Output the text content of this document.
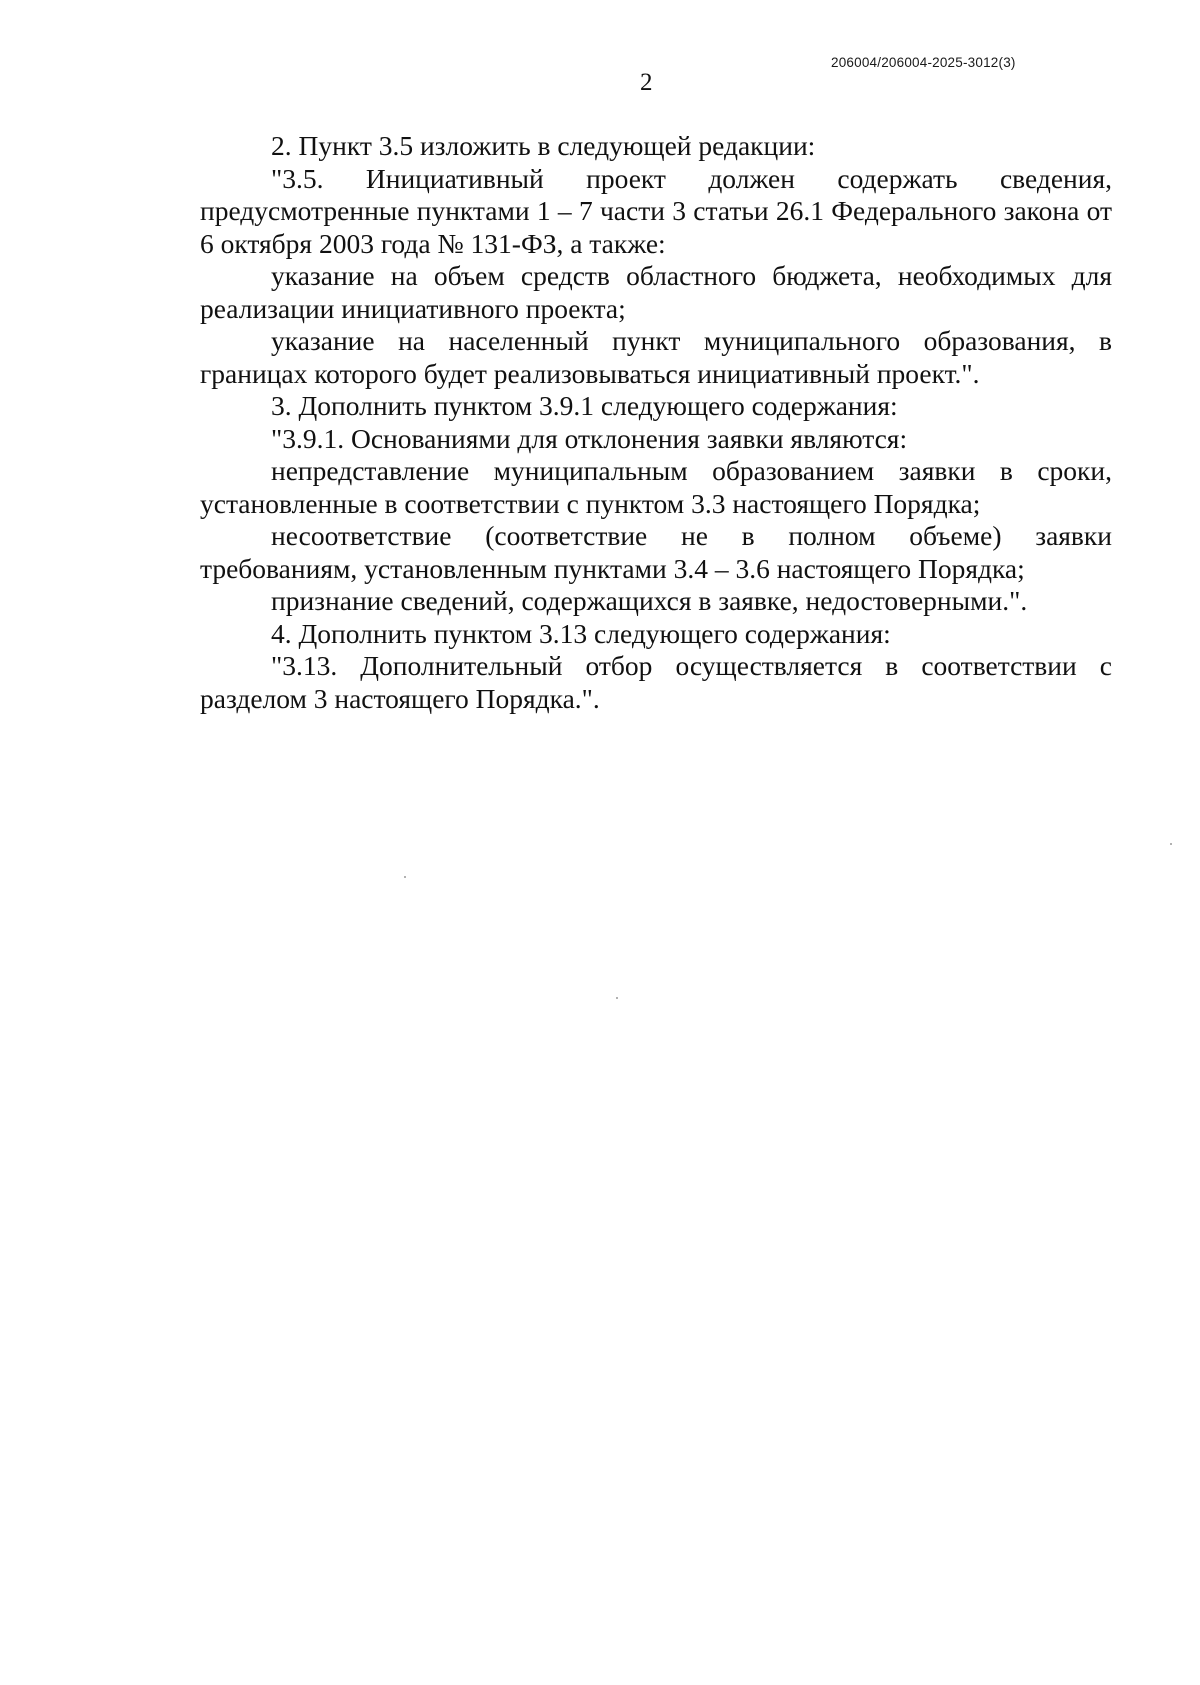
206004/206004-2025-3012(3)
2

2. Пункт 3.5 изложить в следующей редакции:

"3.5. Инициативный проект должен содержать сведения, предусмотренные пунктами 1 – 7 части 3 статьи 26.1 Федерального закона от 6 октября 2003 года № 131-ФЗ, а также:

указание на объем средств областного бюджета, необходимых для реализации инициативного проекта;

указание на населенный пункт муниципального образования, в границах которого будет реализовываться инициативный проект.".

3. Дополнить пунктом 3.9.1 следующего содержания:

"3.9.1. Основаниями для отклонения заявки являются:

непредставление муниципальным образованием заявки в сроки, установленные в соответствии с пунктом 3.3 настоящего Порядка;

несоответствие (соответствие не в полном объеме) заявки требованиям, установленным пунктами 3.4 – 3.6 настоящего Порядка;

признание сведений, содержащихся в заявке, недостоверными.".

4. Дополнить пунктом 3.13 следующего содержания:

"3.13. Дополнительный отбор осуществляется в соответствии с разделом 3 настоящего Порядка.".
